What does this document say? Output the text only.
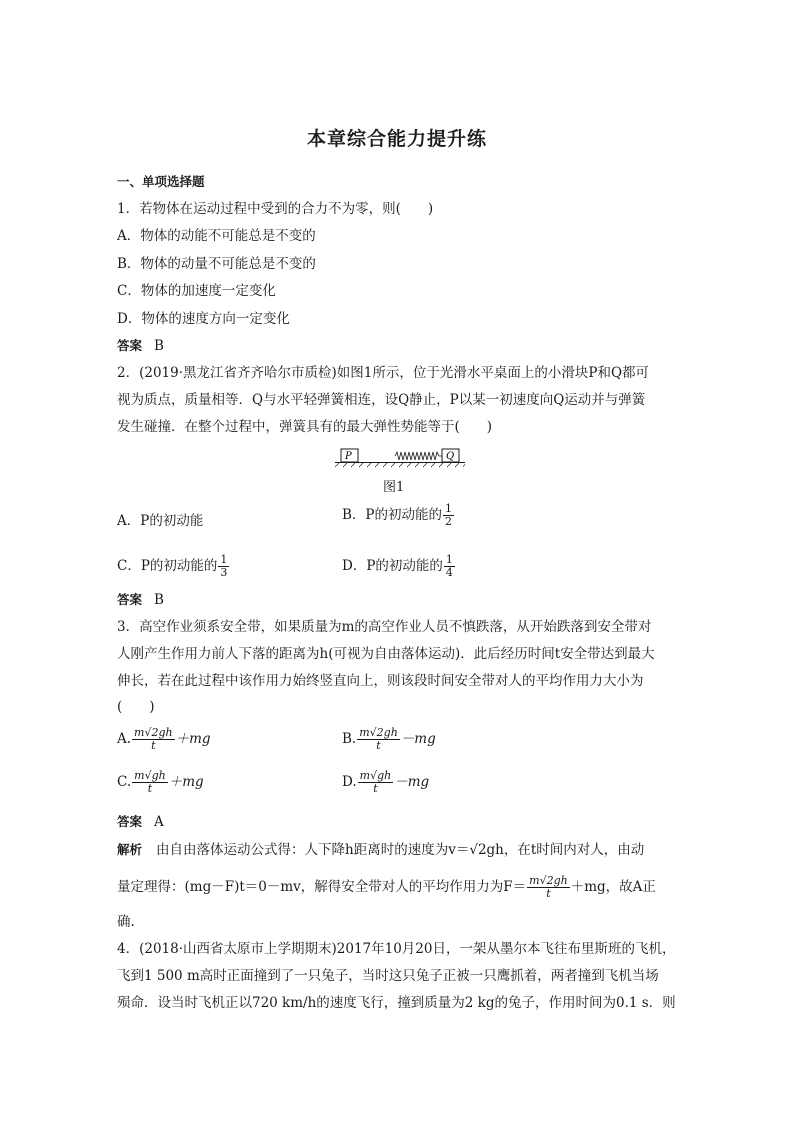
本章综合能力提升练
一、单项选择题
1．若物体在运动过程中受到的合力不为零，则(　　)
A．物体的动能不可能总是不变的
B．物体的动量不可能总是不变的
C．物体的加速度一定变化
D．物体的速度方向一定变化
答案 B
2．(2019·黑龙江省齐齐哈尔市质检)如图1所示，位于光滑水平桌面上的小滑块P和Q都可
视为质点，质量相等．Q与水平轻弹簧相连，设Q静止，P以某一初速度向Q运动并与弹簧
发生碰撞．在整个过程中，弹簧具有的最大弹性势能等于(　　)
P	Q
图1
A．P的初动能	B．P的初动能的 $\frac{1}{2}$
C．P的初动能的 $\frac{1}{3}$	D．P的初动能的 $\frac{1}{4}$
答案 B
3．高空作业须系安全带，如果质量为m的高空作业人员不慎跌落，从开始跌落到安全带对
人刚产生作用力前人下落的距离为h(可视为自由落体运动)．此后经历时间t安全带达到最大
伸长，若在此过程中该作用力始终竖直向上，则该段时间安全带对人的平均作用力大小为
(　　)
A. $\frac{m√2gh}{t} +mg$	B. $\frac{m√2gh}{t} -mg$
C. $\frac{m√gh}{t} +mg$	D. $\frac{m√gh}{t} -mg$
答案 A
解析 由自由落体运动公式得：人下降h距离时的速度为v＝√2gh，在t时间内对人，由动
量定理得：(mg－F)t＝0－mv，解得安全带对人的平均作用力为$F= \frac{m√2gh}{t} +mg$，故A正
确.
4．(2018·山西省太原市上学期期末)2017年10月20日，一架从墨尔本飞往布里斯班的飞机，
飞到1 500 m高时正面撞到了一只兔子，当时这只兔子正被一只鹰抓着，两者撞到飞机当场
殒命．设当时飞机正以720 km/h的速度飞行，撞到质量为2 kg的兔子，作用时间为0.1 s．则
